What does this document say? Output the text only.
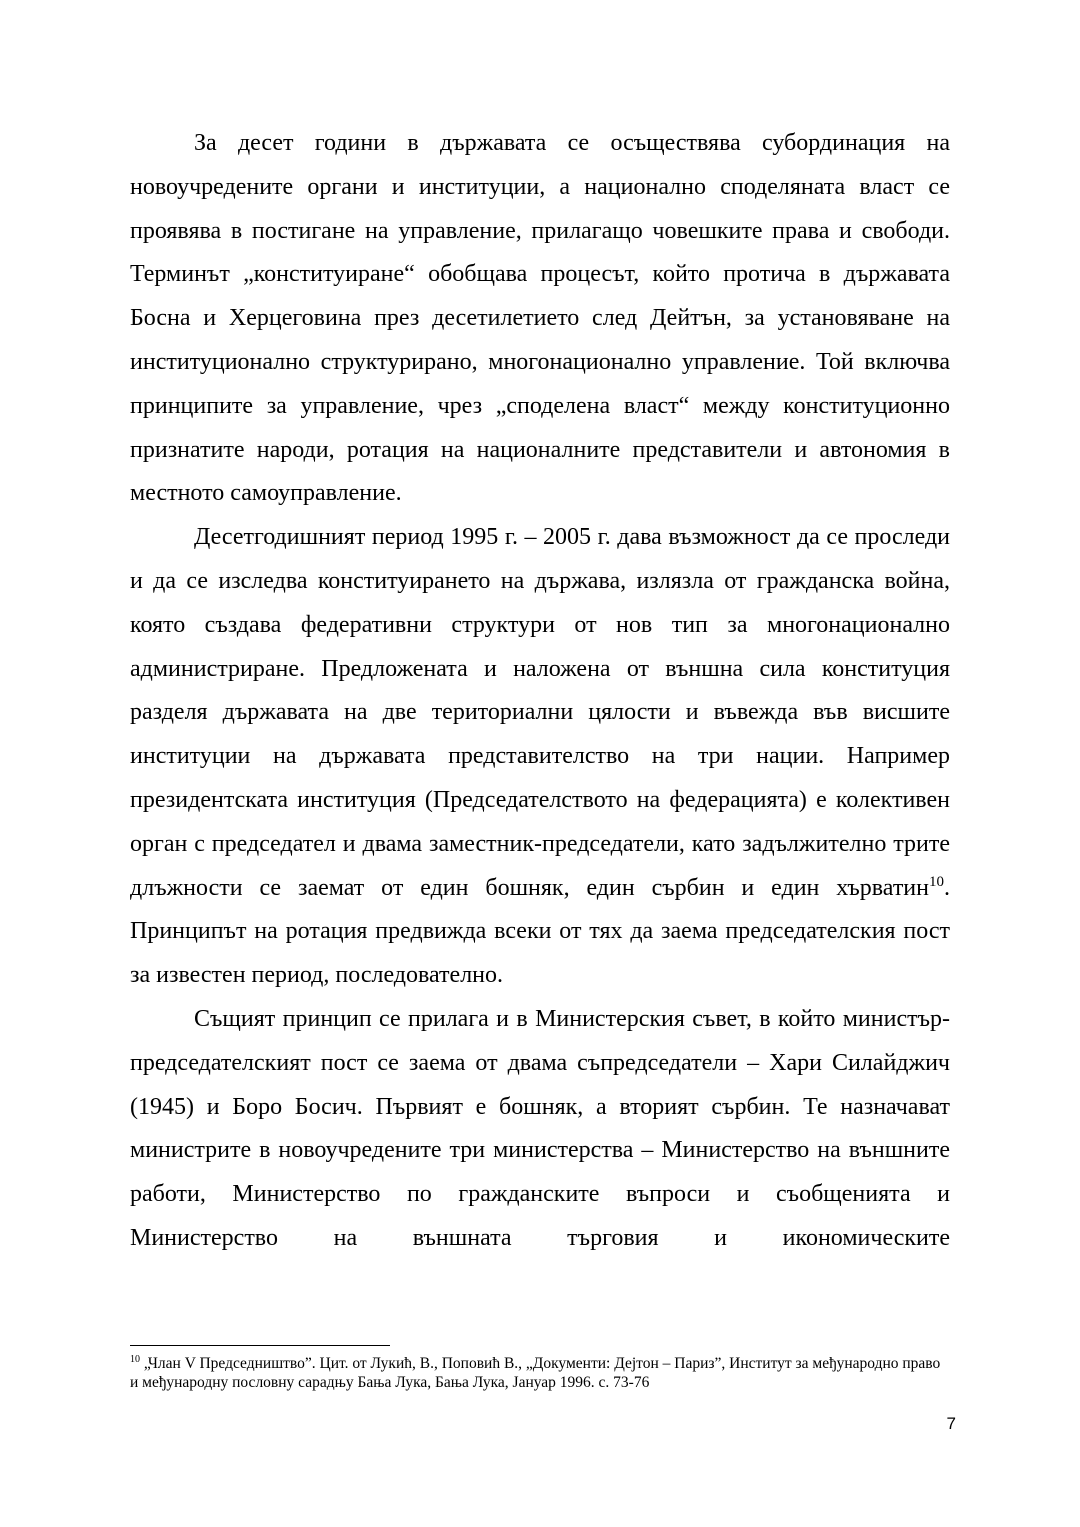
За десет години в държавата се осъществява субординация на новоучредените органи и институции, а национално споделяната власт се проявява в постигане на управление, прилагащо човешките права и свободи. Терминът „конституиране“ обобщава процесът, който протича в държавата Босна и Херцеговина през десетилетието след Дейтън, за установяване на институционално структурирано, многонационално управление. Той включва принципите за управление, чрез „споделена власт“ между конституционно признатите народи, ротация на националните представители и автономия в местното самоуправление.

Десетгодишният период 1995 г. – 2005 г. дава възможност да се проследи и да се изследва конституирането на държава, излязла от гражданска война, която създава федеративни структури от нов тип за многонационално администриране. Предложената и наложена от външна сила конституция разделя държавата на две териториални цялости и въвежда във висшите институции на държавата представителство на три нации. Например президентската институция (Председателството на федерацията) е колективен орган с председател и двама заместник-председатели, като задължително трите длъжности се заемат от един бошняк, един сърбин и един хърватин$^{10}$. Принципът на ротация предвижда всеки от тях да заема председателския пост за известен период, последователно.

Същият принцип се прилага и в Министерския съвет, в който министър-председателският пост се заема от двама съпредседатели – Хари Силайджич (1945) и Боро Босич. Първият е бошняк, а вторият сърбин. Те назначават министрите в новоучредените три министерства – Министерство на външните работи, Министерство по гражданските въпроси и съобщенията и Министерство на външната търговия и икономическите

$^{10}$ „Члан V Председништво”. Цит. от Лукић, В., Поповић В., „Документи: Дејтон – Париз”, Институт за међународно право и међународну пословну сарадњу Бања Лука, Бања Лука, Јануар 1996. с. 73-76
7
